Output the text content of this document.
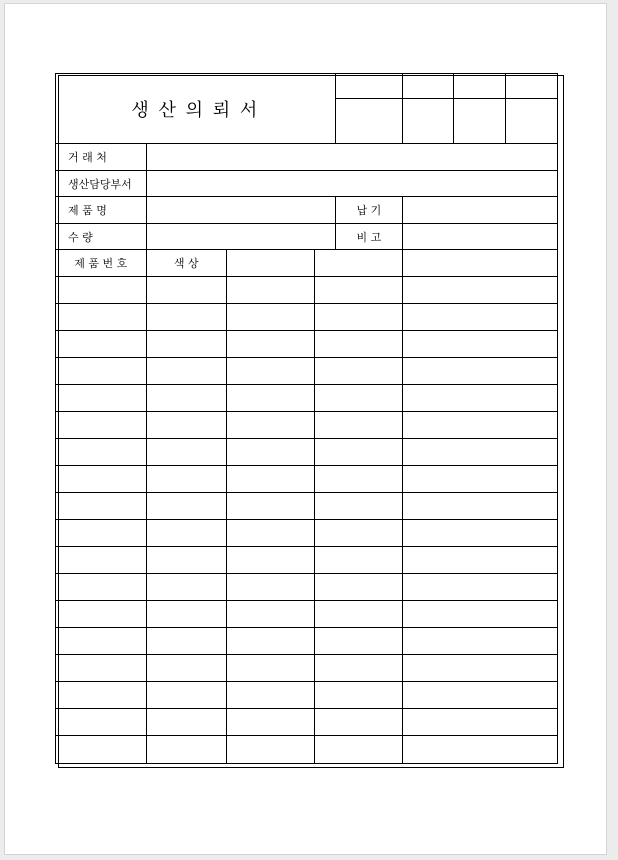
생 산 의 뢰 서							

거 래 처							
생산담당부서							
제 품 명				납 기			
수 량				비 고			
제 품 번 호	색 상						
